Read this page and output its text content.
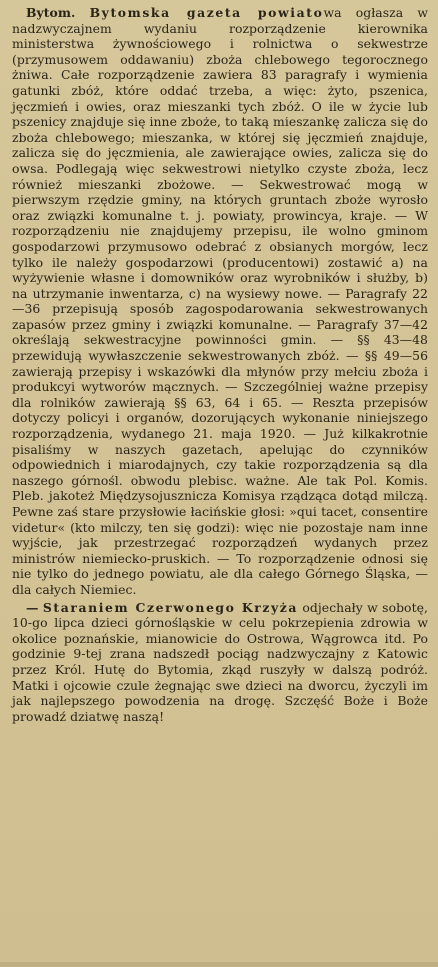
Bytom. Bytomska gazeta powiatowa ogłasza w nadzwyczajnem wydaniu rozporządzenie kierownika ministerstwa żywnościowego i rolnictwa o sekwestrze (przymusowem oddawaniu) zboża chlebowego tegorocznego żniwa. Całe rozporządzenie zawiera 83 paragrafy i wymienia gatunki zbóż, które oddać trzeba, a więc: żyto, pszenica, jęczmień i owies, oraz mieszanki tych zbóż. O ile w życie lub pszenicy znajduje się inne zboże, to taką mieszankę zalicza się do zboża chlebowego; mieszanka, w której się jęczmień znajduje, zalicza się do jęczmienia, ale zawierające owies, zalicza się do owsa. Podlegają więc sekwestrowi nietylko czyste zboża, lecz również mieszanki zbożowe. — Sekwestrować mogą w pierwszym rzędzie gminy, na których gruntach zboże wyrosło oraz związki komunalne t. j. powiaty, prowincya, kraje. — W rozporządzeniu nie znajdujemy przepisu, ile wolno gminom gospodarzowi przymusowo odebrać z obsianych morgów, lecz tylko ile należy gospodarzowi (producentowi) zostawić a) na wyżywienie własne i domowników oraz wyrobników i służby, b) na utrzymanie inwentarza, c) na wysiewy nowe. — Paragrafy 22—36 przepisują sposób zagospodarowania sekwestrowanych zapasów przez gminy i związki komunalne. — Paragrafy 37—42 określają sekwestracyjne powinności gmin. — §§ 43—48 przewidują wywłaszczenie sekwestrowanych zbóż. — §§ 49—56 zawierają przepisy i wskazówki dla młynów przy mełciu zboża i produkcyi wytworów mącznych. — Szczególniej ważne przepisy dla rolników zawierają §§ 63, 64 i 65. — Reszta przepisów dotyczy policyi i organów, dozorujących wykonanie niniejszego rozporządzenia, wydanego 21. maja 1920. — Już kilkakrotnie pisaliśmy w naszych gazetach, apelując do czynników odpowiednich i miarodajnych, czy takie rozporządzenia są dla naszego górnośl. obwodu plebisc. ważne. Ale tak Pol. Komis. Pleb. jakoteż Międzysojusznicza Komisya rządząca dotąd milczą. Pewne zaś stare przysłowie łacińskie głosi: »qui tacet, consentire videtur« (kto milczy, ten się godzi): więc nie pozostaje nam inne wyjście, jak przestrzegać rozporządzeń wydanych przez ministrów niemiecko-pruskich. — To rozporządzenie odnosi się nie tylko do jednego powiatu, ale dla całego Górnego Śląska, — dla całych Niemiec.

— Staraniem Czerwonego Krzyża odjechały w sobotę, 10-go lipca dzieci górnośląskie w celu pokrzepienia zdrowia w okolice poznańskie, mianowicie do Ostrowa, Wągrowca itd. Po godzinie 9-tej zrana nadszedł pociąg nadzwyczajny z Katowic przez Król. Hutę do Bytomia, zkąd ruszyły w dalszą podróż. Matki i ojcowie czule żegnając swe dzieci na dworcu, życzyli im jak najlepszego powodzenia na drogę. Szczęść Boże i Boże prowadź dziatwę naszą!
